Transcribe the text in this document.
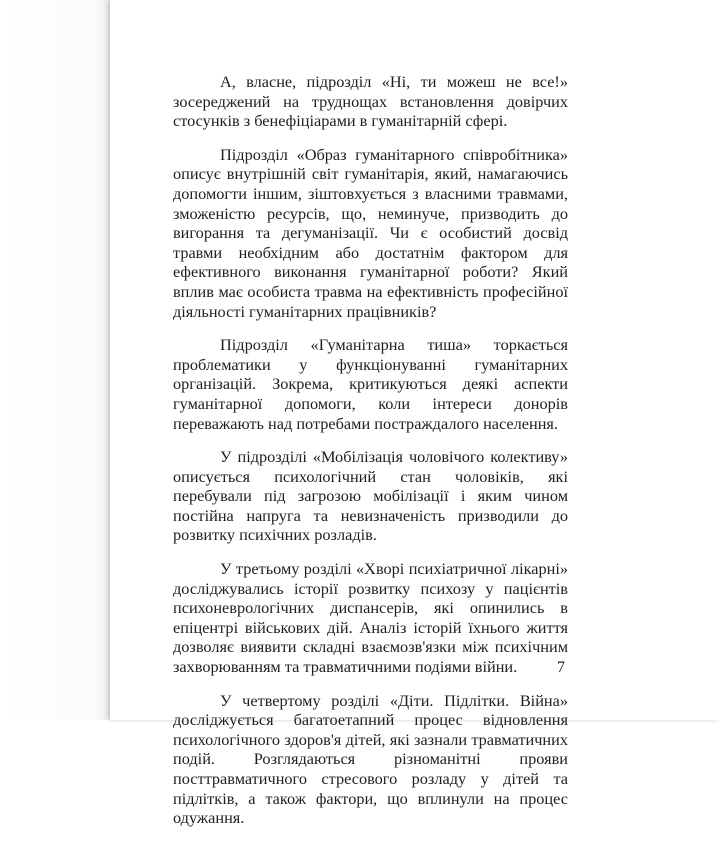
А, власне, підрозділ «Ні, ти можеш не все!» зосереджений на труднощах встановлення довірчих стосунків з бенефіціарами в гуманітарній сфері.

Підрозділ «Образ гуманітарного співробітника» описує внутрішній світ гуманітарія, який, намагаючись допомогти іншим, зіштовхується з власними травмами, зможеністю ресурсів, що, неминуче, призводить до вигорання та дегуманізації. Чи є особистий досвід травми необхідним або достатнім фактором для ефективного виконання гуманітарної роботи? Який вплив має особиста травма на ефективність професійної діяльності гуманітарних працівників?

Підрозділ «Гуманітарна тиша» торкається проблематики у функціонуванні гуманітарних організацій. Зокрема, критикуються деякі аспекти гуманітарної допомоги, коли інтереси донорів переважають над потребами постраждалого населення.

У підрозділі «Мобілізація чоловічого колективу» описується психологічний стан чоловіків, які перебували під загрозою мобілізації і яким чином постійна напруга та невизначеність призводили до розвитку психічних розладів.

У третьому розділі «Хворі психіатричної лікарні» досліджувались історії розвитку психозу у пацієнтів психоневрологічних диспансерів, які опинились в епіцентрі військових дій. Аналіз історій їхнього життя дозволяє виявити складні взаємозв'язки між психічним захворюванням та травматичними подіями війни.

У четвертому розділі «Діти. Підлітки. Війна» досліджується багатоетапний процес відновлення психологічного здоров'я дітей, які зазнали травматичних подій. Розглядаються різноманітні прояви посттравматичного стресового розладу у дітей та підлітків, а також фактори, що вплинули на процес одужання.

7
